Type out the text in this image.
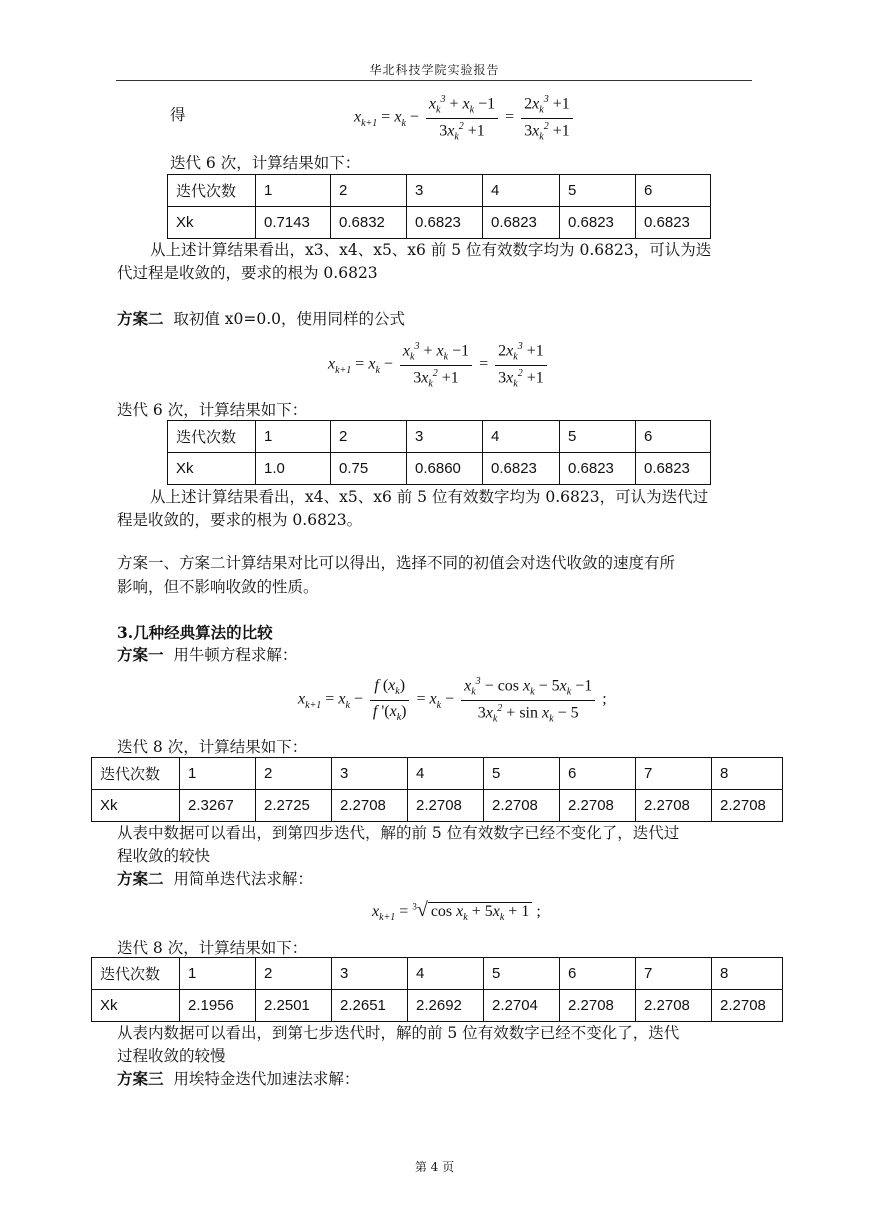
华北科技学院实验报告
得	$x_{k+1} = x_k - \frac{x_k^3 + x_k -1}{3x_k^2 +1} = \frac{2x_k^3 +1}{3x_k^2 +1}$
迭代 6 次，计算结果如下：
迭代次数	1	2	3	4	5	6
Xk	0.7143	0.6832	0.6823	0.6823	0.6823	0.6823
从上述计算结果看出，x3、x4、x5、x6 前 5 位有效数字均为 0.6823，可认为迭
代过程是收敛的，要求的根为 0.6823
方案二 取初值 x0=0.0，使用同样的公式
$x_{k+1} = x_k - \frac{x_k^3 + x_k -1}{3x_k^2 +1} = \frac{2x_k^3 +1}{3x_k^2 +1}$
迭代 6 次，计算结果如下：
迭代次数	1	2	3	4	5	6
Xk	1.0	0.75	0.6860	0.6823	0.6823	0.6823
从上述计算结果看出，x4、x5、x6 前 5 位有效数字均为 0.6823，可认为迭代过
程是收敛的，要求的根为 0.6823。
方案一、方案二计算结果对比可以得出，选择不同的初值会对迭代收敛的速度有所
影响，但不影响收敛的性质。
3.几种经典算法的比较
方案一 用牛顿方程求解：
$x_{k+1} = x_k - \frac{f (x_k)}{f '(x_k)} = x_k - \frac{x_k^3 - \cos x_k - 5x_k -1}{3x_k^2 + \sin x_k - 5}$ ;
迭代 8 次，计算结果如下：
迭代次数	1	2	3	4	5	6	7	8
Xk	2.3267	2.2725	2.2708	2.2708	2.2708	2.2708	2.2708	2.2708
从表中数据可以看出，到第四步迭代，解的前 5 位有效数字已经不变化了，迭代过
程收敛的较快
方案二 用简单迭代法求解：
$x_{k+1} = ^3√$ $\cos x_k + 5x_k + 1$ ;
迭代 8 次，计算结果如下：
迭代次数	1	2	3	4	5	6	7	8
Xk	2.1956	2.2501	2.2651	2.2692	2.2704	2.2708	2.2708	2.2708
从表内数据可以看出，到第七步迭代时，解的前 5 位有效数字已经不变化了，迭代
过程收敛的较慢
方案三 用埃特金迭代加速法求解：
第 4 页
